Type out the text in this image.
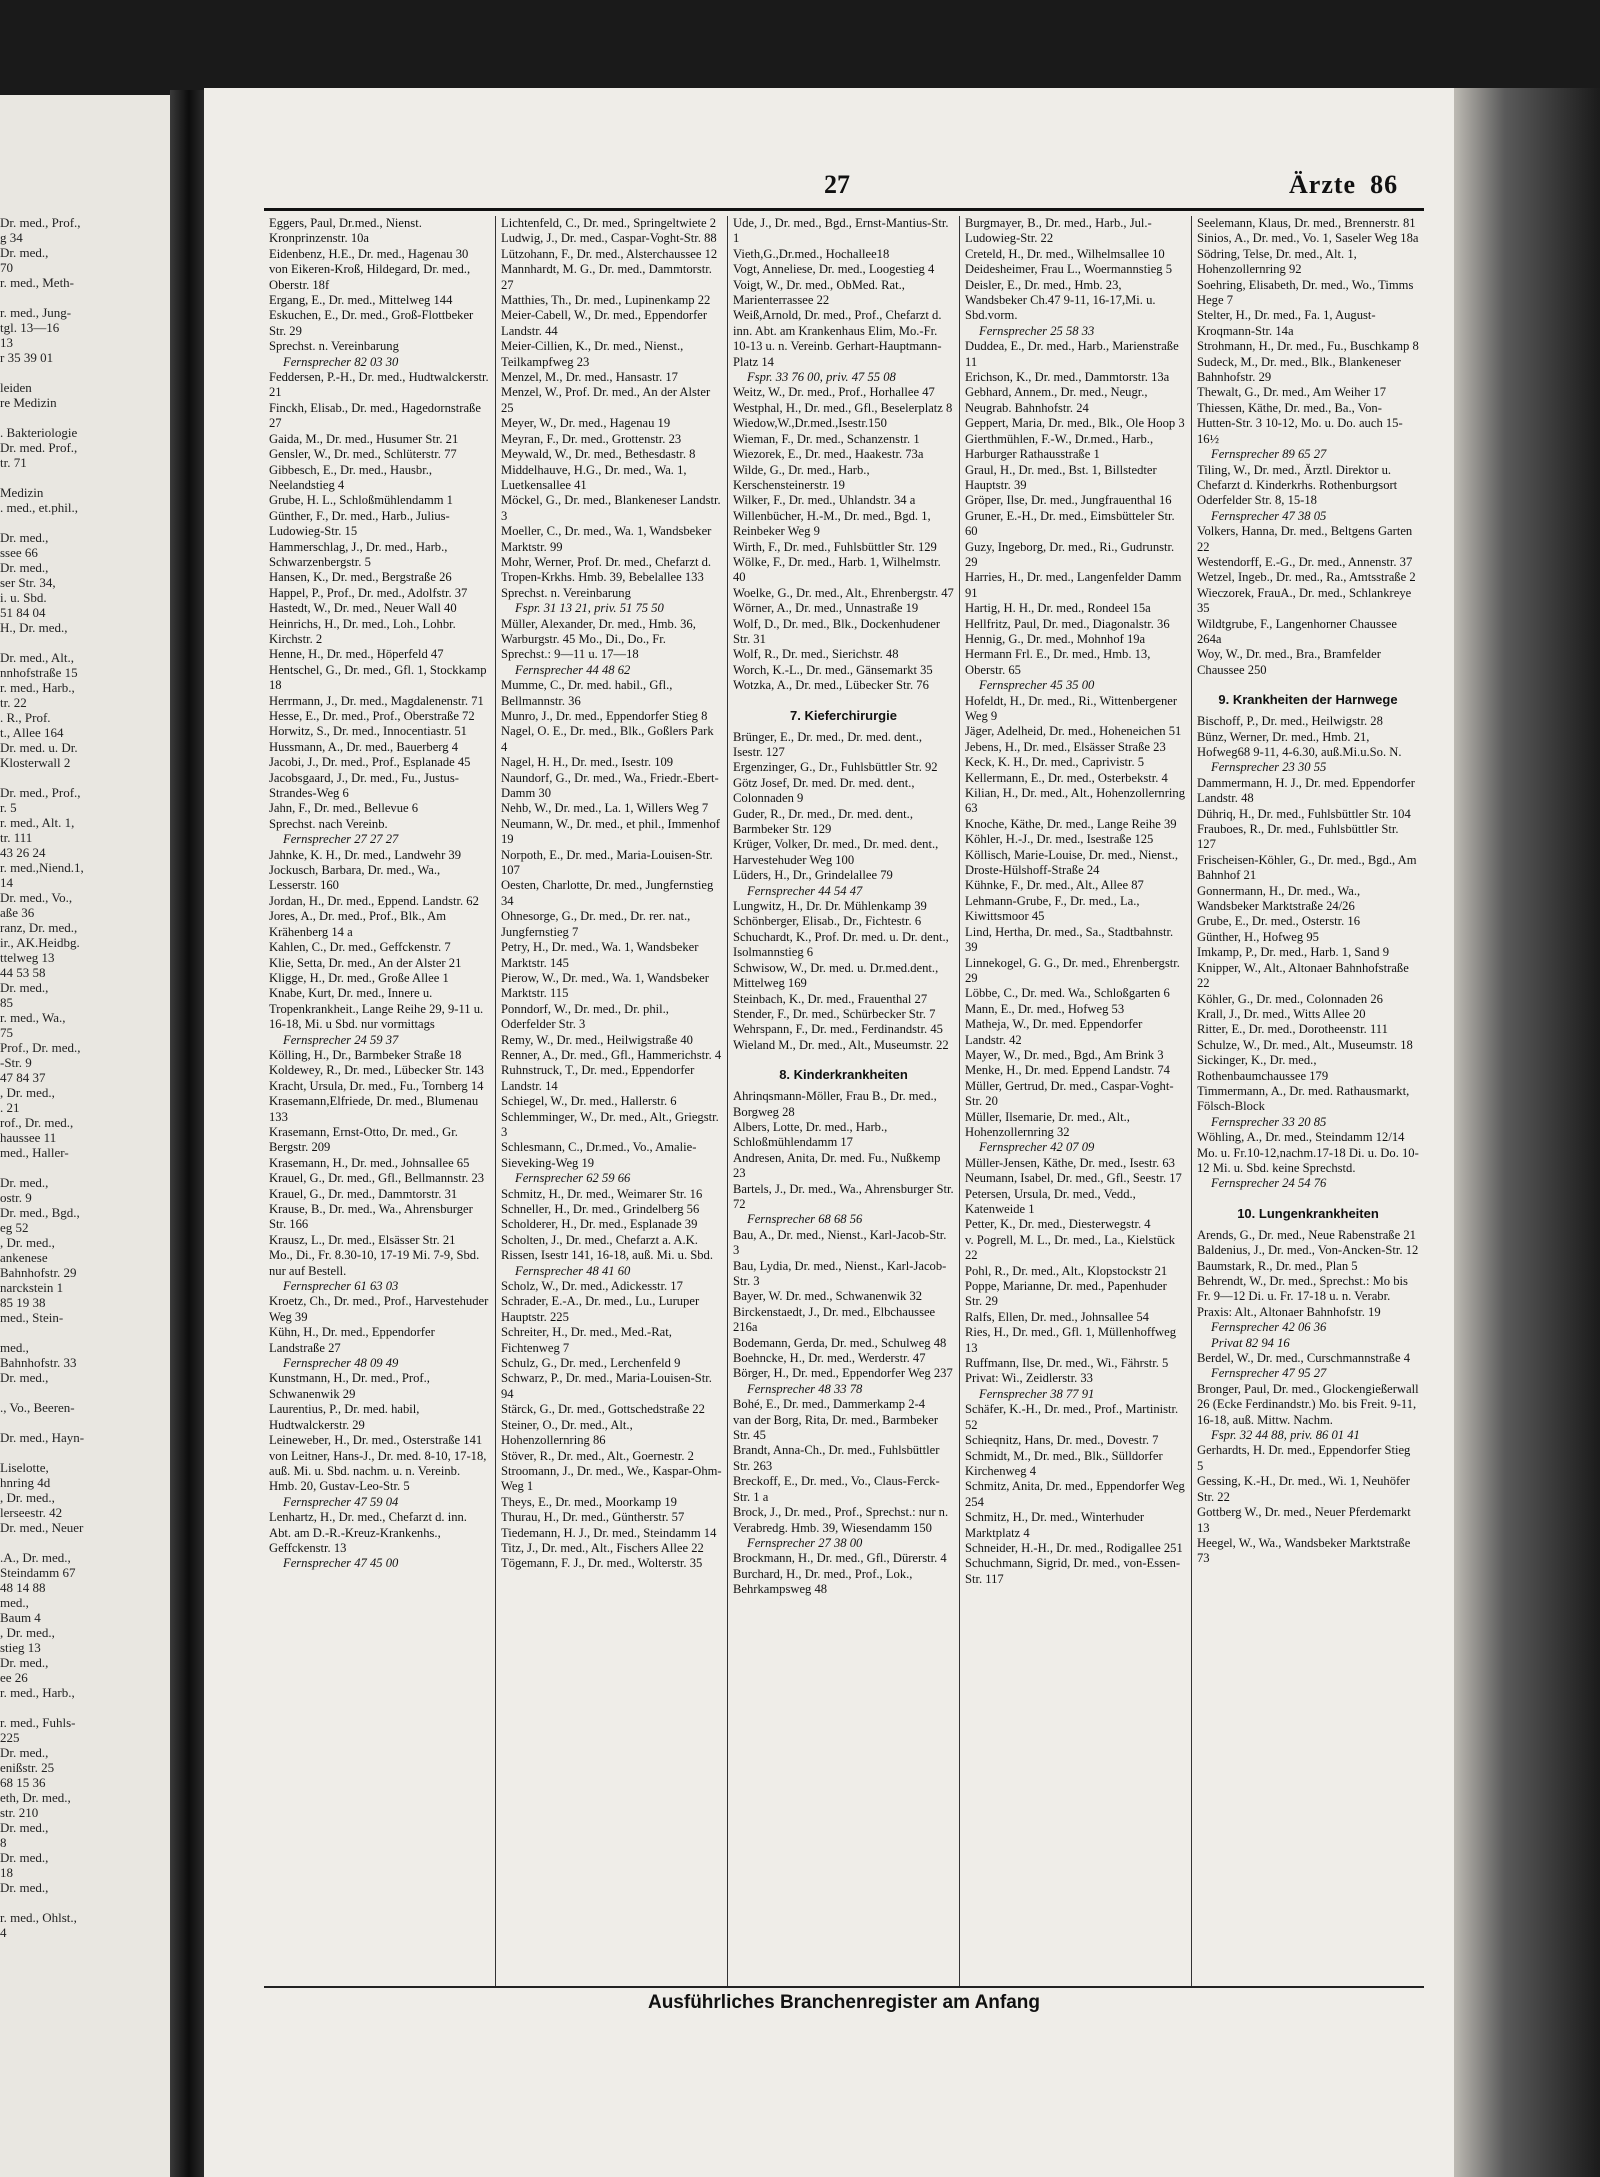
Dr. med., Prof.,
g 34
Dr. med.,
70
r. med., Meth-

r. med., Jung-
tgl. 13—16
13
r 35 39 01

leiden
re Medizin

. Bakteriologie
Dr. med. Prof.,
tr. 71

Medizin
. med., et.phil.,

Dr. med.,
ssee 66
Dr. med.,
ser Str. 34,
i. u. Sbd.
51 84 04
H., Dr. med.,

Dr. med., Alt.,
nnhofstraße 15
r. med., Harb.,
tr. 22
. R., Prof.
t., Allee 164
Dr. med. u. Dr.
Klosterwall 2

Dr. med., Prof.,
r. 5
r. med., Alt. 1,
tr. 111
43 26 24
r. med.,Niend.1,
14
Dr. med., Vo.,
aße 36
ranz, Dr. med.,
ir., AK.Heidbg.
ttelweg 13
44 53 58
Dr. med.,
85
r. med., Wa.,
75
Prof., Dr. med.,
-Str. 9
47 84 37
, Dr. med.,
. 21
rof., Dr. med.,
haussee 11
med., Haller-

Dr. med.,
ostr. 9
Dr. med., Bgd.,
eg 52
, Dr. med.,
ankenese
Bahnhofstr. 29
narckstein 1
85 19 38
med., Stein-

med.,
Bahnhofstr. 33
Dr. med.,

., Vo., Beeren-

Dr. med., Hayn-

Liselotte,
hnring 4d
, Dr. med.,
lerseestr. 42
Dr. med., Neuer

.A., Dr. med.,
Steindamm 67
48 14 88
med.,
Baum 4
, Dr. med.,
stieg 13
Dr. med.,
ee 26
r. med., Harb.,

r. med., Fuhls-
225
Dr. med.,
enißstr. 25
68 15 36
eth, Dr. med.,
str. 210
Dr. med.,
8
Dr. med.,
18
Dr. med.,

r. med., Ohlst.,
4
27	Ärzte 86

Eggers, Paul, Dr.med., Nienst. Kronprinzenstr. 10a

Eidenbenz, H.E., Dr. med., Hagenau 30

von Eikeren-Kroß, Hildegard, Dr. med., Oberstr. 18f

Ergang, E., Dr. med., Mittelweg 144

Eskuchen, E., Dr. med., Groß-Flottbeker Str. 29

Sprechst. n. Vereinbarung

Fernsprecher 82 03 30

Feddersen, P.-H., Dr. med., Hudtwalckerstr. 21

Finckh, Elisab., Dr. med., Hagedornstraße 27

Gaida, M., Dr. med., Husumer Str. 21

Gensler, W., Dr. med., Schlüterstr. 77

Gibbesch, E., Dr. med., Hausbr., Neelandstieg 4

Grube, H. L., Schloßmühlendamm 1

Günther, F., Dr. med., Harb., Julius-Ludowieg-Str. 15

Hammerschlag, J., Dr. med., Harb., Schwarzenbergstr. 5

Hansen, K., Dr. med., Bergstraße 26

Happel, P., Prof., Dr. med., Adolfstr. 37

Hastedt, W., Dr. med., Neuer Wall 40

Heinrichs, H., Dr. med., Loh., Lohbr. Kirchstr. 2

Henne, H., Dr. med., Höperfeld 47

Hentschel, G., Dr. med., Gfl. 1, Stockkamp 18

Herrmann, J., Dr. med., Magdalenenstr. 71

Hesse, E., Dr. med., Prof., Oberstraße 72

Horwitz, S., Dr. med., Innocentiastr. 51

Hussmann, A., Dr. med., Bauerberg 4

Jacobi, J., Dr. med., Prof., Esplanade 45

Jacobsgaard, J., Dr. med., Fu., Justus-Strandes-Weg 6

Jahn, F., Dr. med., Bellevue 6

Sprechst. nach Vereinb.

Fernsprecher 27 27 27

Jahnke, K. H., Dr. med., Landwehr 39

Jockusch, Barbara, Dr. med., Wa., Lesserstr. 160

Jordan, H., Dr. med., Eppend. Landstr. 62

Jores, A., Dr. med., Prof., Blk., Am Krähenberg 14 a

Kahlen, C., Dr. med., Geffckenstr. 7

Klie, Setta, Dr. med., An der Alster 21

Kligge, H., Dr. med., Große Allee 1

Knabe, Kurt, Dr. med., Innere u. Tropenkrankheit., Lange Reihe 29, 9-11 u. 16-18, Mi. u Sbd. nur vormittags

Fernsprecher 24 59 37

Kölling, H., Dr., Barmbeker Straße 18

Koldewey, R., Dr. med., Lübecker Str. 143

Kracht, Ursula, Dr. med., Fu., Tornberg 14

Krasemann,Elfriede, Dr. med., Blumenau 133

Krasemann, Ernst-Otto, Dr. med., Gr. Bergstr. 209

Krasemann, H., Dr. med., Johnsallee 65

Krauel, G., Dr. med., Gfl., Bellmannstr. 23

Krauel, G., Dr. med., Dammtorstr. 31

Krause, B., Dr. med., Wa., Ahrensburger Str. 166

Krausz, L., Dr. med., Elsässer Str. 21

Mo., Di., Fr. 8.30-10, 17-19 Mi. 7-9, Sbd. nur auf Bestell.

Fernsprecher 61 63 03

Kroetz, Ch., Dr. med., Prof., Harvestehuder Weg 39

Kühn, H., Dr. med., Eppendorfer Landstraße 27

Fernsprecher 48 09 49

Kunstmann, H., Dr. med., Prof., Schwanenwik 29

Laurentius, P., Dr. med. habil, Hudtwalckerstr. 29

Leineweber, H., Dr. med., Osterstraße 141

von Leitner, Hans-J., Dr. med. 8-10, 17-18, auß. Mi. u. Sbd. nachm. u. n. Vereinb. Hmb. 20, Gustav-Leo-Str. 5

Fernsprecher 47 59 04

Lenhartz, H., Dr. med., Chefarzt d. inn. Abt. am D.-R.-Kreuz-Krankenhs., Geffckenstr. 13

Fernsprecher 47 45 00

Lichtenfeld, C., Dr. med., Springeltwiete 2

Ludwig, J., Dr. med., Caspar-Voght-Str. 88

Lützohann, F., Dr. med., Alsterchaussee 12

Mannhardt, M. G., Dr. med., Dammtorstr. 27

Matthies, Th., Dr. med., Lupinenkamp 22

Meier-Cabell, W., Dr. med., Eppendorfer Landstr. 44

Meier-Cillien, K., Dr. med., Nienst., Teilkampfweg 23

Menzel, M., Dr. med., Hansastr. 17

Menzel, W., Prof. Dr. med., An der Alster 25

Meyer, W., Dr. med., Hagenau 19

Meyran, F., Dr. med., Grottenstr. 23

Meywald, W., Dr. med., Bethesdastr. 8

Middelhauve, H.G., Dr. med., Wa. 1, Luetkensallee 41

Möckel, G., Dr. med., Blankeneser Landstr. 3

Moeller, C., Dr. med., Wa. 1, Wandsbeker Marktstr. 99

Mohr, Werner, Prof. Dr. med., Chefarzt d. Tropen-Krkhs. Hmb. 39, Bebelallee 133

Sprechst. n. Vereinbarung

Fspr. 31 13 21, priv. 51 75 50

Müller, Alexander, Dr. med., Hmb. 36, Warburgstr. 45 Mo., Di., Do., Fr.

Sprechst.: 9—11 u. 17—18

Fernsprecher 44 48 62

Mumme, C., Dr. med. habil., Gfl., Bellmannstr. 36

Munro, J., Dr. med., Eppendorfer Stieg 8

Nagel, O. E., Dr. med., Blk., Goßlers Park 4

Nagel, H. H., Dr. med., Isestr. 109

Naundorf, G., Dr. med., Wa., Friedr.-Ebert-Damm 30

Nehb, W., Dr. med., La. 1, Willers Weg 7

Neumann, W., Dr. med., et phil., Immenhof 19

Norpoth, E., Dr. med., Maria-Louisen-Str. 107

Oesten, Charlotte, Dr. med., Jungfernstieg 34

Ohnesorge, G., Dr. med., Dr. rer. nat., Jungfernstieg 7

Petry, H., Dr. med., Wa. 1, Wandsbeker Marktstr. 145

Pierow, W., Dr. med., Wa. 1, Wandsbeker Marktstr. 115

Ponndorf, W., Dr. med., Dr. phil., Oderfelder Str. 3

Remy, W., Dr. med., Heilwigstraße 40

Renner, A., Dr. med., Gfl., Hammerichstr. 4

Ruhnstruck, T., Dr. med., Eppendorfer Landstr. 14

Schiegel, W., Dr. med., Hallerstr. 6

Schlemminger, W., Dr. med., Alt., Griegstr. 3

Schlesmann, C., Dr.med., Vo., Amalie-Sieveking-Weg 19

Fernsprecher 62 59 66

Schmitz, H., Dr. med., Weimarer Str. 16

Schneller, H., Dr. med., Grindelberg 56

Scholderer, H., Dr. med., Esplanade 39

Scholten, J., Dr. med., Chefarzt a. A.K. Rissen, Isestr 141, 16-18, auß. Mi. u. Sbd.

Fernsprecher 48 41 60

Scholz, W., Dr. med., Adickesstr. 17

Schrader, E.-A., Dr. med., Lu., Luruper Hauptstr. 225

Schreiter, H., Dr. med., Med.-Rat, Fichtenweg 7

Schulz, G., Dr. med., Lerchenfeld 9

Schwarz, P., Dr. med., Maria-Louisen-Str. 94

Stärck, G., Dr. med., Gottschedstraße 22

Steiner, O., Dr. med., Alt., Hohenzollernring 86

Stöver, R., Dr. med., Alt., Goernestr. 2

Stroomann, J., Dr. med., We., Kaspar-Ohm-Weg 1

Theys, E., Dr. med., Moorkamp 19

Thurau, H., Dr. med., Güntherstr. 57

Tiedemann, H. J., Dr. med., Steindamm 14

Titz, J., Dr. med., Alt., Fischers Allee 22

Tögemann, F. J., Dr. med., Wolterstr. 35

Ude, J., Dr. med., Bgd., Ernst-Mantius-Str. 1

Vieth,G.,Dr.med., Hochallee18

Vogt, Anneliese, Dr. med., Loogestieg 4

Voigt, W., Dr. med., ObMed. Rat., Marienterrassee 22

Weiß,Arnold, Dr. med., Prof., Chefarzt d. inn. Abt. am Krankenhaus Elim, Mo.-Fr. 10-13 u. n. Vereinb. Gerhart-Hauptmann-Platz 14

Fspr. 33 76 00, priv. 47 55 08

Weitz, W., Dr. med., Prof., Horhallee 47

Westphal, H., Dr. med., Gfl., Beselerplatz 8

Wiedow,W.,Dr.med.,Isestr.150

Wieman, F., Dr. med., Schanzenstr. 1

Wiezorek, E., Dr. med., Haakestr. 73a

Wilde, G., Dr. med., Harb., Kerschensteinerstr. 19

Wilker, F., Dr. med., Uhlandstr. 34 a

Willenbücher, H.-M., Dr. med., Bgd. 1, Reinbeker Weg 9

Wirth, F., Dr. med., Fuhlsbüttler Str. 129

Wölke, F., Dr. med., Harb. 1, Wilhelmstr. 40

Woelke, G., Dr. med., Alt., Ehrenbergstr. 47

Wörner, A., Dr. med., Unnastraße 19

Wolf, D., Dr. med., Blk., Dockenhudener Str. 31

Wolf, R., Dr. med., Sierichstr. 48

Worch, K.-L., Dr. med., Gänsemarkt 35

Wotzka, A., Dr. med., Lübecker Str. 76

7. Kieferchirurgie

Brünger, E., Dr. med., Dr. med. dent., Isestr. 127

Ergenzinger, G., Dr., Fuhlsbüttler Str. 92

Götz Josef, Dr. med. Dr. med. dent., Colonnaden 9

Guder, R., Dr. med., Dr. med. dent., Barmbeker Str. 129

Krüger, Volker, Dr. med., Dr. med. dent., Harvestehuder Weg 100

Lüders, H., Dr., Grindelallee 79

Fernsprecher 44 54 47

Lungwitz, H., Dr. Dr. Mühlenkamp 39

Schönberger, Elisab., Dr., Fichtestr. 6

Schuchardt, K., Prof. Dr. med. u. Dr. dent., Isolmannstieg 6

Schwisow, W., Dr. med. u. Dr.med.dent., Mittelweg 169

Steinbach, K., Dr. med., Frauenthal 27

Stender, F., Dr. med., Schürbecker Str. 7

Wehrspann, F., Dr. med., Ferdinandstr. 45

Wieland M., Dr. med., Alt., Museumstr. 22

8. Kinderkrankheiten

Ahrinqsmann-Möller, Frau B., Dr. med., Borgweg 28

Albers, Lotte, Dr. med., Harb., Schloßmühlendamm 17

Andresen, Anita, Dr. med. Fu., Nußkemp 23

Bartels, J., Dr. med., Wa., Ahrensburger Str. 72

Fernsprecher 68 68 56

Bau, A., Dr. med., Nienst., Karl-Jacob-Str. 3

Bau, Lydia, Dr. med., Nienst., Karl-Jacob-Str. 3

Bayer, W. Dr. med., Schwanenwik 32

Birckenstaedt, J., Dr. med., Elbchaussee 216a

Bodemann, Gerda, Dr. med., Schulweg 48

Boehncke, H., Dr. med., Werderstr. 47

Börger, H., Dr. med., Eppendorfer Weg 237

Fernsprecher 48 33 78

Bohé, E., Dr. med., Dammerkamp 2-4

van der Borg, Rita, Dr. med., Barmbeker Str. 45

Brandt, Anna-Ch., Dr. med., Fuhlsbüttler Str. 263

Breckoff, E., Dr. med., Vo., Claus-Ferck-Str. 1 a

Brock, J., Dr. med., Prof., Sprechst.: nur n. Verabredg. Hmb. 39, Wiesendamm 150

Fernsprecher 27 38 00

Brockmann, H., Dr. med., Gfl., Dürerstr. 4

Burchard, H., Dr. med., Prof., Lok., Behrkampsweg 48

Burgmayer, B., Dr. med., Harb., Jul.-Ludowieg-Str. 22

Creteld, H., Dr. med., Wilhelmsallee 10

Deidesheimer, Frau L., Woermannstieg 5

Deisler, E., Dr. med., Hmb. 23, Wandsbeker Ch.47 9-11, 16-17,Mi. u. Sbd.vorm.

Fernsprecher 25 58 33

Duddea, E., Dr. med., Harb., Marienstraße 11

Erichson, K., Dr. med., Dammtorstr. 13a

Gebhard, Annem., Dr. med., Neugr., Neugrab. Bahnhofstr. 24

Geppert, Maria, Dr. med., Blk., Ole Hoop 3

Gierthmühlen, F.-W., Dr.med., Harb., Harburger Rathausstraße 1

Graul, H., Dr. med., Bst. 1, Billstedter Hauptstr. 39

Gröper, Ilse, Dr. med., Jungfrauenthal 16

Gruner, E.-H., Dr. med., Eimsbütteler Str. 60

Guzy, Ingeborg, Dr. med., Ri., Gudrunstr. 29

Harries, H., Dr. med., Langenfelder Damm 91

Hartig, H. H., Dr. med., Rondeel 15a

Hellfritz, Paul, Dr. med., Diagonalstr. 36

Hennig, G., Dr. med., Mohnhof 19a

Hermann Frl. E., Dr. med., Hmb. 13, Oberstr. 65

Fernsprecher 45 35 00

Hofeldt, H., Dr. med., Ri., Wittenbergener Weg 9

Jäger, Adelheid, Dr. med., Hoheneichen 51

Jebens, H., Dr. med., Elsässer Straße 23

Keck, K. H., Dr. med., Caprivistr. 5

Kellermann, E., Dr. med., Osterbekstr. 4

Kilian, H., Dr. med., Alt., Hohenzollernring 63

Knoche, Käthe, Dr. med., Lange Reihe 39

Köhler, H.-J., Dr. med., Isestraße 125

Köllisch, Marie-Louise, Dr. med., Nienst., Droste-Hülshoff-Straße 24

Kühnke, F., Dr. med., Alt., Allee 87

Lehmann-Grube, F., Dr. med., La., Kiwittsmoor 45

Lind, Hertha, Dr. med., Sa., Stadtbahnstr. 39

Linnekogel, G. G., Dr. med., Ehrenbergstr. 29

Löbbe, C., Dr. med. Wa., Schloßgarten 6

Mann, E., Dr. med., Hofweg 53

Matheja, W., Dr. med. Eppendorfer Landstr. 42

Mayer, W., Dr. med., Bgd., Am Brink 3

Menke, H., Dr. med. Eppend Landstr. 74

Müller, Gertrud, Dr. med., Caspar-Voght-Str. 20

Müller, Ilsemarie, Dr. med., Alt., Hohenzollernring 32

Fernsprecher 42 07 09

Müller-Jensen, Käthe, Dr. med., Isestr. 63

Neumann, Isabel, Dr. med., Gfl., Seestr. 17

Petersen, Ursula, Dr. med., Vedd., Katenweide 1

Petter, K., Dr. med., Diesterwegstr. 4

v. Pogrell, M. L., Dr. med., La., Kielstück 22

Pohl, R., Dr. med., Alt., Klopstockstr 21

Poppe, Marianne, Dr. med., Papenhuder Str. 29

Ralfs, Ellen, Dr. med., Johnsallee 54

Ries, H., Dr. med., Gfl. 1, Müllenhoffweg 13

Ruffmann, Ilse, Dr. med., Wi., Fährstr. 5

Privat: Wi., Zeidlerstr. 33

Fernsprecher 38 77 91

Schäfer, K.-H., Dr. med., Prof., Martinistr. 52

Schieqnitz, Hans, Dr. med., Dovestr. 7

Schmidt, M., Dr. med., Blk., Sülldorfer Kirchenweg 4

Schmitz, Anita, Dr. med., Eppendorfer Weg 254

Schmitz, H., Dr. med., Winterhuder Marktplatz 4

Schneider, H.-H., Dr. med., Rodigallee 251

Schuchmann, Sigrid, Dr. med., von-Essen-Str. 117

Seelemann, Klaus, Dr. med., Brennerstr. 81

Sinios, A., Dr. med., Vo. 1, Saseler Weg 18a

Södring, Telse, Dr. med., Alt. 1, Hohenzollernring 92

Soehring, Elisabeth, Dr. med., Wo., Timms Hege 7

Stelter, H., Dr. med., Fa. 1, August-Kroqmann-Str. 14a

Strohmann, H., Dr. med., Fu., Buschkamp 8

Sudeck, M., Dr. med., Blk., Blankeneser Bahnhofstr. 29

Thewalt, G., Dr. med., Am Weiher 17

Thiessen, Käthe, Dr. med., Ba., Von-Hutten-Str. 3 10-12, Mo. u. Do. auch 15-16½

Fernsprecher 89 65 27

Tiling, W., Dr. med., Ärztl. Direktor u. Chefarzt d. Kinderkrhs. Rothenburgsort Oderfelder Str. 8, 15-18

Fernsprecher 47 38 05

Volkers, Hanna, Dr. med., Beltgens Garten 22

Westendorff, E.-G., Dr. med., Annenstr. 37

Wetzel, Ingeb., Dr. med., Ra., Amtsstraße 2

Wieczorek, FrauA., Dr. med., Schlankreye 35

Wildtgrube, F., Langenhorner Chaussee 264a

Woy, W., Dr. med., Bra., Bramfelder Chaussee 250

9. Krankheiten der Harnwege

Bischoff, P., Dr. med., Heilwigstr. 28

Bünz, Werner, Dr. med., Hmb. 21, Hofweg68 9-11, 4-6.30, auß.Mi.u.So. N.

Fernsprecher 23 30 55

Dammermann, H. J., Dr. med. Eppendorfer Landstr. 48

Dühriq, H., Dr. med., Fuhlsbüttler Str. 104

Frauboes, R., Dr. med., Fuhlsbüttler Str. 127

Frischeisen-Köhler, G., Dr. med., Bgd., Am Bahnhof 21

Gonnermann, H., Dr. med., Wa., Wandsbeker Marktstraße 24/26

Grube, E., Dr. med., Osterstr. 16

Günther, H., Hofweg 95

Imkamp, P., Dr. med., Harb. 1, Sand 9

Knipper, W., Alt., Altonaer Bahnhofstraße 22

Köhler, G., Dr. med., Colonnaden 26

Krall, J., Dr. med., Witts Allee 20

Ritter, E., Dr. med., Dorotheenstr. 111

Schulze, W., Dr. med., Alt., Museumstr. 18

Sickinger, K., Dr. med., Rothenbaumchaussee 179

Timmermann, A., Dr. med. Rathausmarkt, Fölsch-Block

Fernsprecher 33 20 85

Wöhling, A., Dr. med., Steindamm 12/14 Mo. u. Fr.10-12,nachm.17-18 Di. u. Do. 10-12 Mi. u. Sbd. keine Sprechstd.

Fernsprecher 24 54 76

10. Lungenkrankheiten

Arends, G., Dr. med., Neue Rabenstraße 21

Baldenius, J., Dr. med., Von-Ancken-Str. 12

Baumstark, R., Dr. med., Plan 5

Behrendt, W., Dr. med., Sprechst.: Mo bis Fr. 9—12 Di. u. Fr. 17-18 u. n. Verabr. Praxis: Alt., Altonaer Bahnhofstr. 19

Fernsprecher 42 06 36

Privat 82 94 16

Berdel, W., Dr. med., Curschmannstraße 4

Fernsprecher 47 95 27

Bronger, Paul, Dr. med., Glockengießerwall 26 (Ecke Ferdinandstr.) Mo. bis Freit. 9-11, 16-18, auß. Mittw. Nachm.

Fspr. 32 44 88, priv. 86 01 41

Gerhardts, H. Dr. med., Eppendorfer Stieg 5

Gessing, K.-H., Dr. med., Wi. 1, Neuhöfer Str. 22

Gottberg W., Dr. med., Neuer Pferdemarkt 13

Heegel, W., Wa., Wandsbeker Marktstraße 73

Ausführliches Branchenregister am Anfang
